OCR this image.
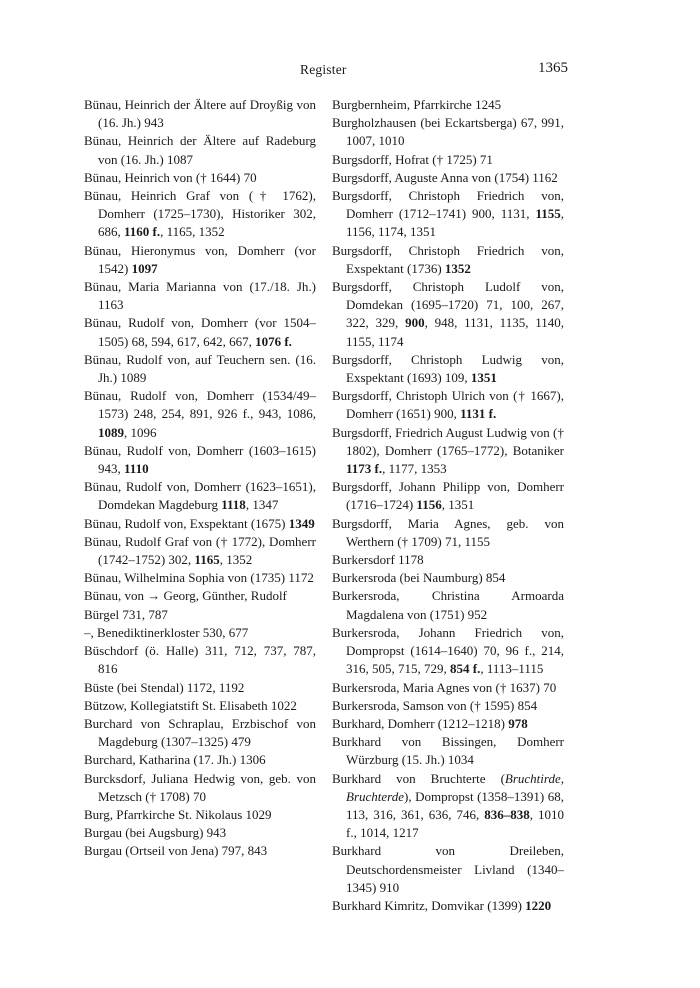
Register	1365

Bünau, Heinrich der Ältere auf Droyßig von (16. Jh.) 943

Bünau, Heinrich der Ältere auf Radeburg von (16. Jh.) 1087

Bünau, Heinrich von († 1644) 70

Bünau, Heinrich Graf von († 1762), Domherr (1725–1730), Historiker 302, 686, 1160 f., 1165, 1352

Bünau, Hieronymus von, Domherr (vor 1542) 1097

Bünau, Maria Marianna von (17./18. Jh.) 1163

Bünau, Rudolf von, Domherr (vor 1504–1505) 68, 594, 617, 642, 667, 1076 f.

Bünau, Rudolf von, auf Teuchern sen. (16. Jh.) 1089

Bünau, Rudolf von, Domherr (1534/49–1573) 248, 254, 891, 926 f., 943, 1086, 1089, 1096

Bünau, Rudolf von, Domherr (1603–1615) 943, 1110

Bünau, Rudolf von, Domherr (1623–1651), Domdekan Magdeburg 1118, 1347

Bünau, Rudolf von, Exspektant (1675) 1349

Bünau, Rudolf Graf von († 1772), Domherr (1742–1752) 302, 1165, 1352

Bünau, Wilhelmina Sophia von (1735) 1172

Bünau, von → Georg, Günther, Rudolf

Bürgel 731, 787

–, Benediktinerkloster 530, 677

Büschdorf (ö. Halle) 311, 712, 737, 787, 816

Büste (bei Stendal) 1172, 1192

Bützow, Kollegiatstift St. Elisabeth 1022

Burchard von Schraplau, Erzbischof von Magdeburg (1307–1325) 479

Burchard, Katharina (17. Jh.) 1306

Burcksdorf, Juliana Hedwig von, geb. von Metzsch († 1708) 70

Burg, Pfarrkirche St. Nikolaus 1029

Burgau (bei Augsburg) 943

Burgau (Ortseil von Jena) 797, 843

Burgbernheim, Pfarrkirche 1245

Burgholzhausen (bei Eckartsberga) 67, 991, 1007, 1010

Burgsdorff, Hofrat († 1725) 71

Burgsdorff, Auguste Anna von (1754) 1162

Burgsdorff, Christoph Friedrich von, Domherr (1712–1741) 900, 1131, 1155, 1156, 1174, 1351

Burgsdorff, Christoph Friedrich von, Exspektant (1736) 1352

Burgsdorff, Christoph Ludolf von, Domdekan (1695–1720) 71, 100, 267, 322, 329, 900, 948, 1131, 1135, 1140, 1155, 1174

Burgsdorff, Christoph Ludwig von, Exspektant (1693) 109, 1351

Burgsdorff, Christoph Ulrich von († 1667), Domherr (1651) 900, 1131 f.

Burgsdorff, Friedrich August Ludwig von († 1802), Domherr (1765–1772), Botaniker 1173 f., 1177, 1353

Burgsdorff, Johann Philipp von, Domherr (1716–1724) 1156, 1351

Burgsdorff, Maria Agnes, geb. von Werthern († 1709) 71, 1155

Burkersdorf 1178

Burkersroda (bei Naumburg) 854

Burkersroda, Christina Armoarda Magdalena von (1751) 952

Burkersroda, Johann Friedrich von, Dompropst (1614–1640) 70, 96 f., 214, 316, 505, 715, 729, 854 f., 1113–1115

Burkersroda, Maria Agnes von († 1637) 70

Burkersroda, Samson von († 1595) 854

Burkhard, Domherr (1212–1218) 978

Burkhard von Bissingen, Domherr Würzburg (15. Jh.) 1034

Burkhard von Bruchterte (Bruchtirde, Bruchterde), Dompropst (1358–1391) 68, 113, 316, 361, 636, 746, 836–838, 1010 f., 1014, 1217

Burkhard von Dreileben, Deutschordensmeister Livland (1340–1345) 910

Burkhard Kimritz, Domvikar (1399) 1220
